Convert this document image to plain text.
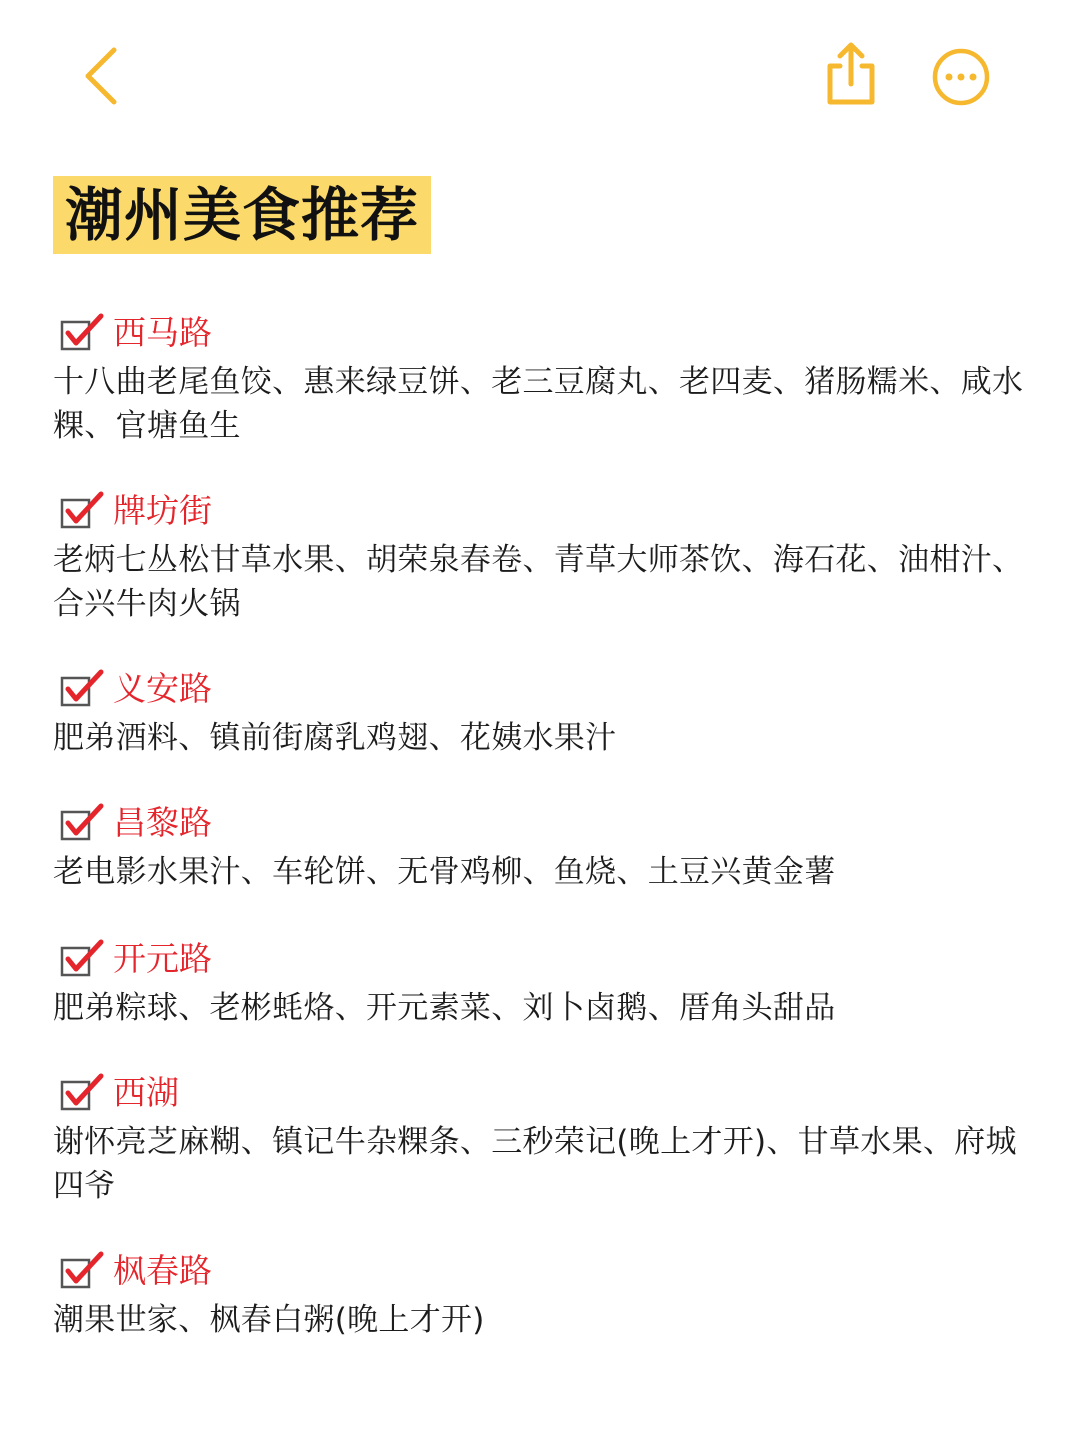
潮州美食推荐
西马路
十八曲老尾鱼饺、惠来绿豆饼、老三豆腐丸、老四麦、猪肠糯米、咸水粿、官塘鱼生
牌坊街
老炳七丛松甘草水果、胡荣泉春卷、青草大师茶饮、海石花、油柑汁、合兴牛肉火锅
义安路
肥弟酒料、镇前街腐乳鸡翅、花姨水果汁
昌黎路
老电影水果汁、车轮饼、无骨鸡柳、鱼烧、土豆兴黄金薯
开元路
肥弟粽球、老彬蚝烙、开元素菜、刘卜卤鹅、厝角头甜品
西湖
谢怀亮芝麻糊、镇记牛杂粿条、三秒荣记(晚上才开)、甘草水果、府城四爷
枫春路
潮果世家、枫春白粥(晚上才开)
